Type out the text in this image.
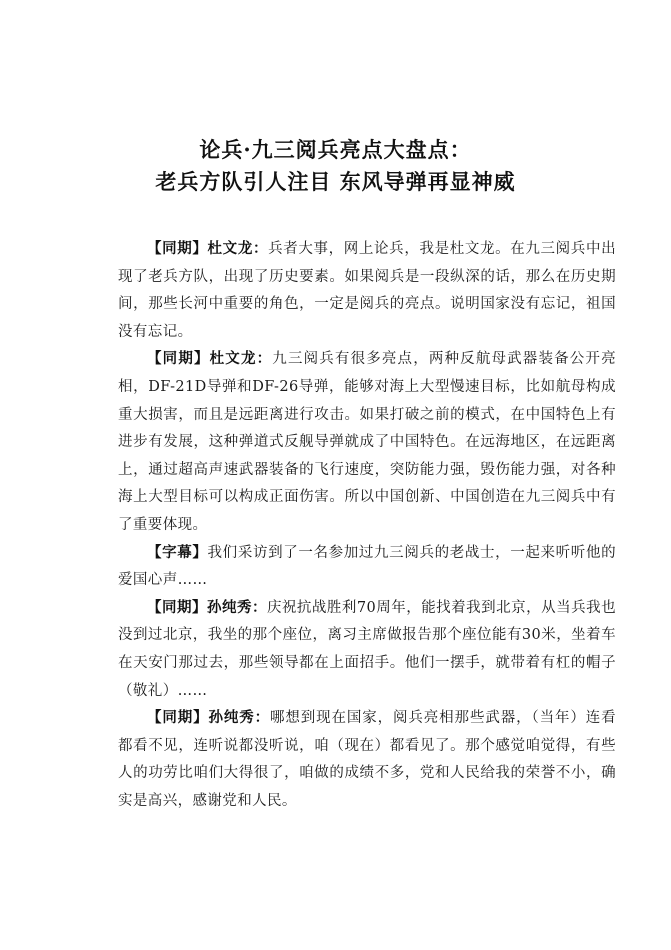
论兵·九三阅兵亮点大盘点：
老兵方队引人注目 东风导弹再显神威

【同期】杜文龙：兵者大事，网上论兵，我是杜文龙。在九三阅兵中出现了老兵方队，出现了历史要素。如果阅兵是一段纵深的话，那么在历史期间，那些长河中重要的角色，一定是阅兵的亮点。说明国家没有忘记，祖国没有忘记。

【同期】杜文龙：九三阅兵有很多亮点，两种反航母武器装备公开亮相，DF-21D导弹和DF-26导弹，能够对海上大型慢速目标，比如航母构成重大损害，而且是远距离进行攻击。如果打破之前的模式，在中国特色上有进步有发展，这种弹道式反舰导弹就成了中国特色。在远海地区，在远距离上，通过超高声速武器装备的飞行速度，突防能力强，毁伤能力强，对各种海上大型目标可以构成正面伤害。所以中国创新、中国创造在九三阅兵中有了重要体现。

【字幕】我们采访到了一名参加过九三阅兵的老战士，一起来听听他的爱国心声……

【同期】孙纯秀：庆祝抗战胜利70周年，能找着我到北京，从当兵我也没到过北京，我坐的那个座位，离习主席做报告那个座位能有30米，坐着车在天安门那过去，那些领导都在上面招手。他们一摆手，就带着有杠的帽子（敬礼）……

【同期】孙纯秀：哪想到现在国家，阅兵亮相那些武器，（当年）连看都看不见，连听说都没听说，咱（现在）都看见了。那个感觉咱觉得，有些人的功劳比咱们大得很了，咱做的成绩不多，党和人民给我的荣誉不小，确实是高兴，感谢党和人民。
